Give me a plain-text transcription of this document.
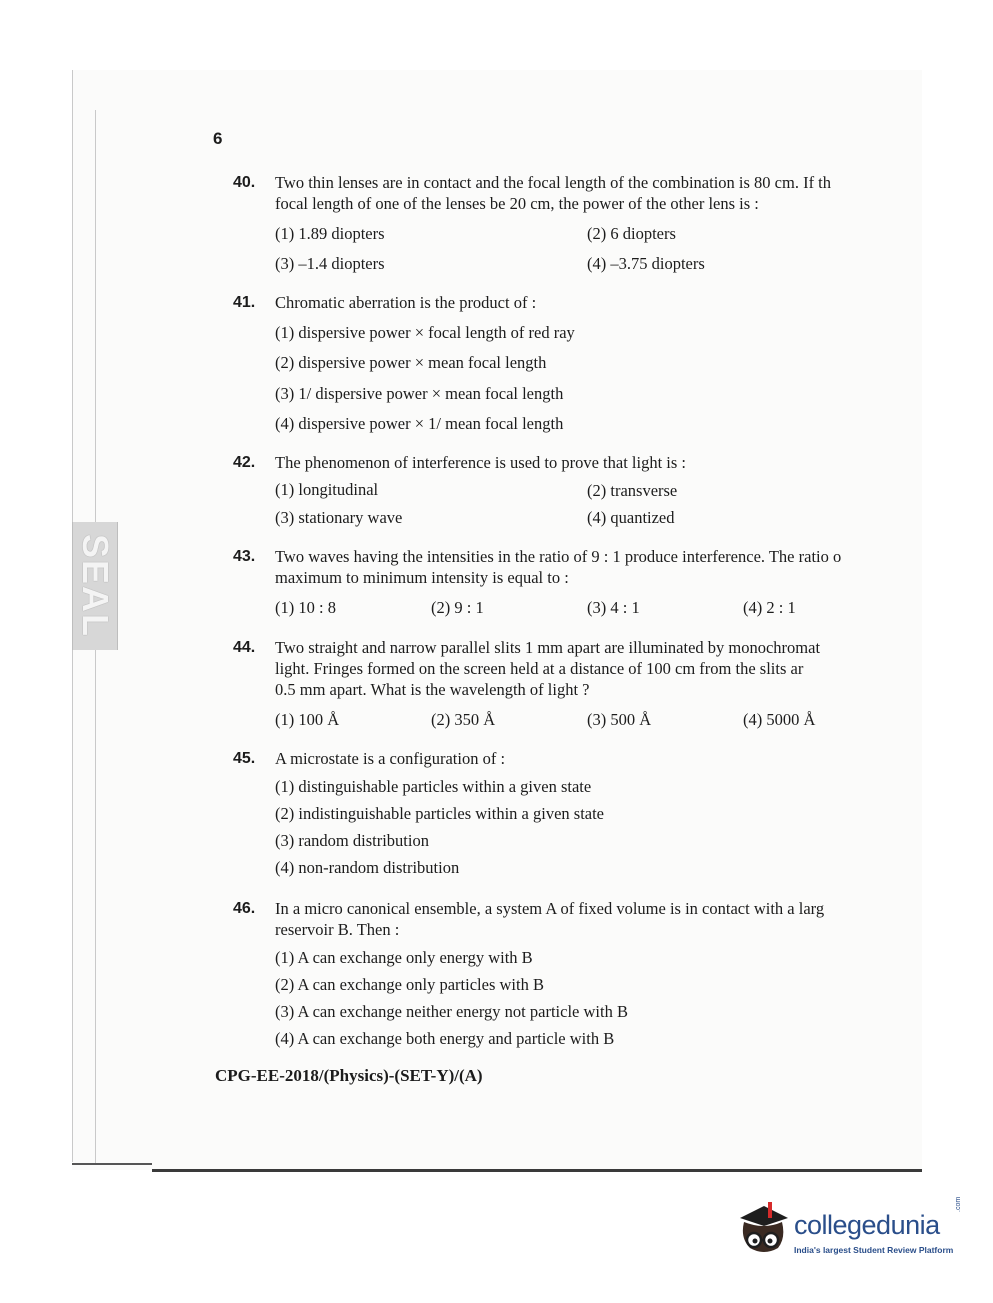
SEAL
6
40.	Two thin lenses are in contact and the focal length of the combination is 80 cm. If th
focal length of one of the lenses be 20 cm, the power of the other lens is :
(1) 1.89 diopters	(2) 6 diopters
(3) –1.4 diopters	(4) –3.75 diopters
41.	Chromatic aberration is the product of :
(1) dispersive power × focal length of red ray
(2) dispersive power × mean focal length
(3) 1/ dispersive power × mean focal length
(4) dispersive power × 1/ mean focal length
42.	The phenomenon of interference is used to prove that light is :
(1) longitudinal	(2) transverse
(3) stationary wave	(4) quantized
43.	Two waves having the intensities in the ratio of 9 : 1 produce interference. The ratio o
maximum to minimum intensity is equal to :
(1) 10 : 8	(2) 9 : 1	(3) 4 : 1	(4) 2 : 1
44.	Two straight and narrow parallel slits 1 mm apart are illuminated by monochromat
light. Fringes formed on the screen held at a distance of 100 cm from the slits ar
0.5 mm apart. What is the wavelength of light ?
(1) 100 Å	(2) 350 Å	(3) 500 Å	(4) 5000 Å
45.	A microstate is a configuration of :
(1) distinguishable particles within a given state
(2) indistinguishable particles within a given state
(3) random distribution
(4) non-random distribution
46.	In a micro canonical ensemble, a system A of fixed volume is in contact with a larg
reservoir B. Then :
(1) A can exchange only energy with B
(2) A can exchange only particles with B
(3) A can exchange neither energy not particle with B
(4) A can exchange both energy and particle with B
CPG-EE-2018/(Physics)-(SET-Y)/(A)
collegedunia
.com
India's largest Student Review Platform
